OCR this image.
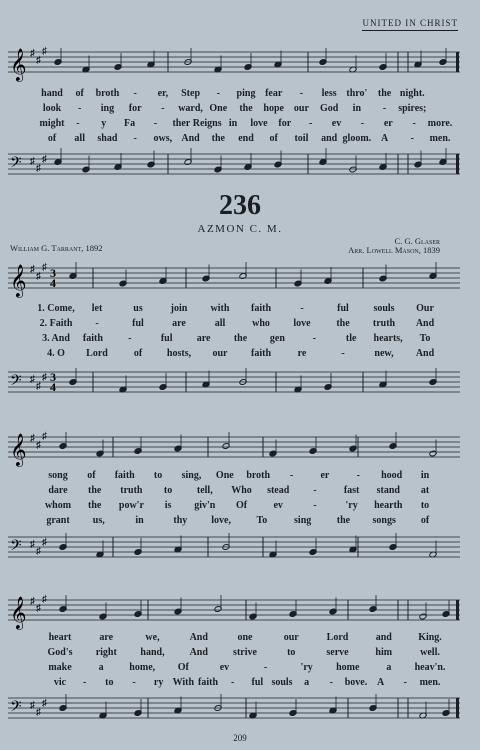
UNITED IN CHRIST
236
AZMON C. M.
William G. Tarrant, 1892
C. G. Glaser
Arr. Lowell Mason, 1839
𝄞 ♯
♯
♯
𝄢 ♯
♯
♯
𝄞 ♯
♯
♯ 3
4
𝄢 ♯
♯
♯ 3
4
𝄞 ♯
♯
♯
𝄢 ♯
♯
♯
𝄞 ♯
♯
♯
𝄢 ♯
♯
♯
hand of broth - er, Step - ping fear - less thro' the night.
look - ing for - ward, One the hope our God in - spires;
might - y Fa - ther Reigns in love for - ev - er - more.
of all shad - ows, And the end of toil and gloom. A - men.
1. Come, let	us	join with faith	-	ful souls Our
2. Faith -	ful	are	all	who love	the truth And
3. And faith	-	ful are the gen	-	tle hearts, To
4. O Lord	of hosts, our faith	re	-	new, And
song of faith to sing, One broth -	er	- hood in
dare the truth to tell, Who stead -	fast stand at
whom the pow'r is giv'n Of	ev	-	'ry hearth to
grant us,	in	thy love,	To	sing	the songs of
heart	are	we,	And	one	our	Lord	and	King.
God's right hand, And	strive	to	serve	him	well.
make	a	home, Of	ev	-	'ry home	a heav'n.
vic - to - ry With faith - ful souls a - bove. A - men.
209
